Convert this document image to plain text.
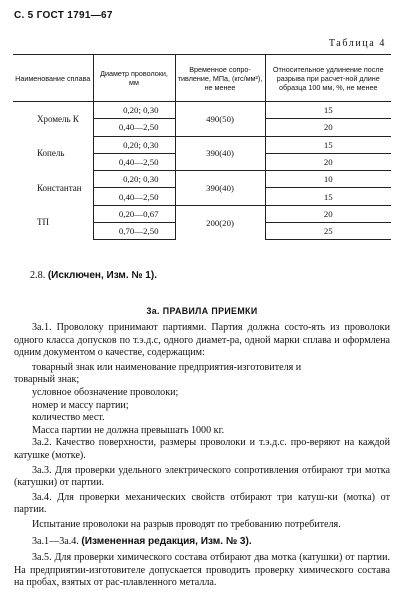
С. 5 ГОСТ 1791—67
Таблица 4
Наименование сплава	Диаметр проволоки, мм	Временное сопро-тивление, МПа, (кгс/мм²), не менее	Относительное удлинение после разрыва при расчет-ной длине образца 100 мм, %, не менее
Хромель К	0,20; 0,30	490(50)	15
	0,40—2,50		20
Копель	0,20; 0,30	390(40)	15
	0,40—2,50		20
Константан	0,20; 0,30	390(40)	10
	0,40—2,50		15
ТП	0,20—0,67	200(20)	20
	0,70—2,50		25
2.8. (Исключен, Изм. № 1).
3а. ПРАВИЛА ПРИЕМКИ

3а.1. Проволоку принимают партиями. Партия должна состо-ять из проволоки одного класса допусков по т.э.д.с, одного диамет-ра, одной марки сплава и оформлена одним документом о качестве, содержащим:

товарный знак или наименование предприятия-изготовителя и

товарный знак;

условное обозначение проволоки;

номер и массу партии;

количество мест.

Масса партии не должна превышать 1000 кг.

3а.2. Качество поверхности, размеры проволоки и т.э.д.с. про-веряют на каждой катушке (мотке).

3а.3. Для проверки удельного электрического сопротивления отбирают три мотка (катушки) от партии.

3а.4. Для проверки механических свойств отбирают три катуш-ки (мотка) от партии.

Испытание проволоки на разрыв проводят по требованию потребителя.

3а.1—3а.4. (Измененная редакция, Изм. № 3).

3а.5. Для проверки химического состава отбирают два мотка (катушки) от партии. На предприятии-изготовителе допускается проводить проверку химического состава на пробах, взятых от рас-плавленного металла.
